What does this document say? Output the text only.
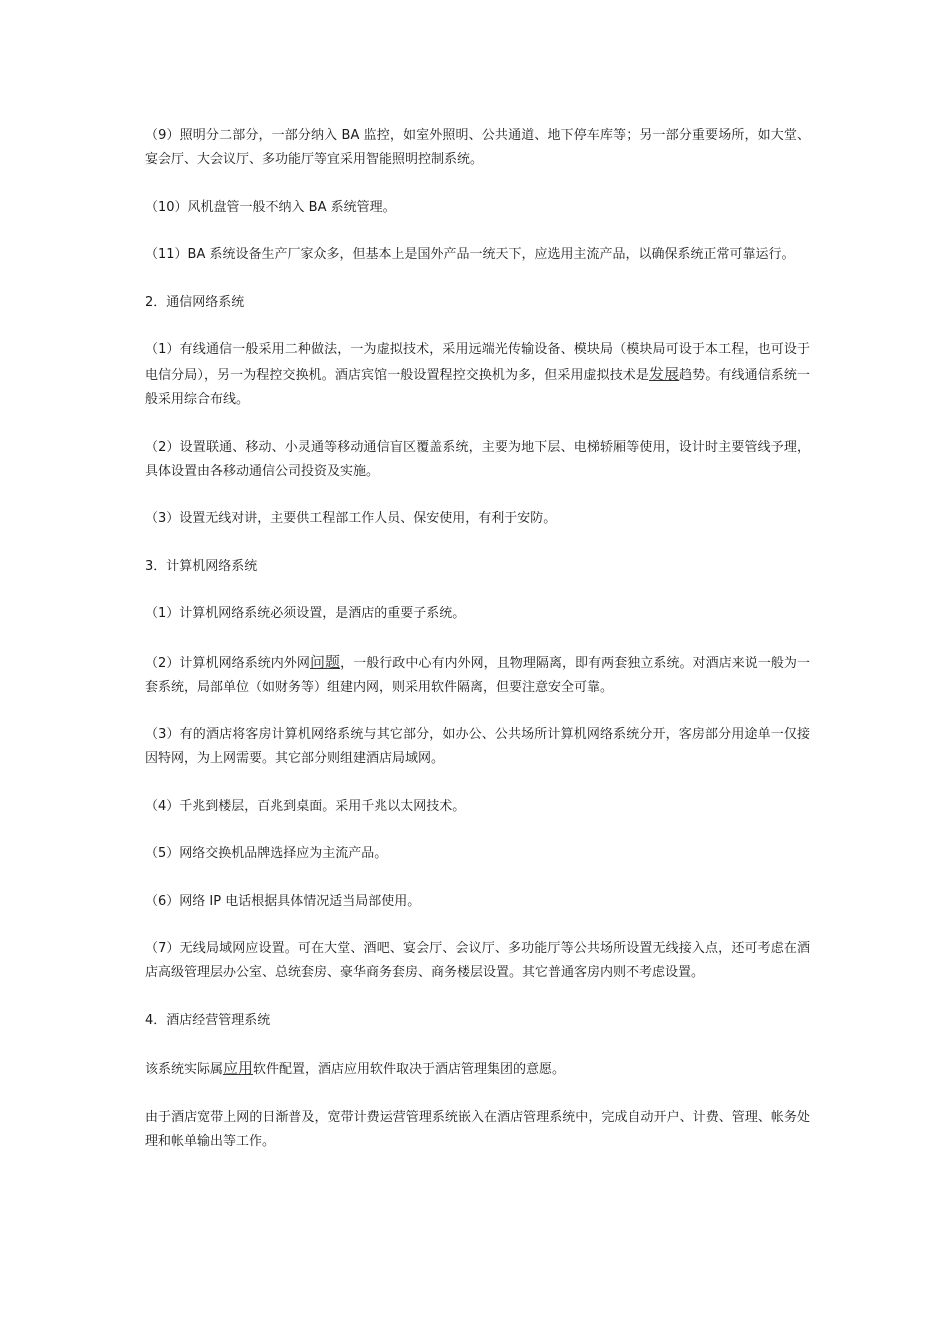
（9）照明分二部分，一部分纳入 BA 监控，如室外照明、公共通道、地下停车库等；另一部分重要场所，如大堂、宴会厅、大会议厅、多功能厅等宜采用智能照明控制系统。

（10）风机盘管一般不纳入 BA 系统管理。

（11）BA 系统设备生产厂家众多，但基本上是国外产品一统天下，应选用主流产品，以确保系统正常可靠运行。

2．通信网络系统

（1）有线通信一般采用二种做法，一为虚拟技术，采用远端光传输设备、模块局（模块局可设于本工程，也可设于电信分局），另一为程控交换机。酒店宾馆一般设置程控交换机为多，但采用虚拟技术是发展趋势。有线通信系统一般采用综合布线。

（2）设置联通、移动、小灵通等移动通信盲区覆盖系统，主要为地下层、电梯轿厢等使用，设计时主要管线予理，具体设置由各移动通信公司投资及实施。

（3）设置无线对讲，主要供工程部工作人员、保安使用，有利于安防。

3．计算机网络系统

（1）计算机网络系统必须设置，是酒店的重要子系统。

（2）计算机网络系统内外网问题，一般行政中心有内外网，且物理隔离，即有两套独立系统。对酒店来说一般为一套系统，局部单位（如财务等）组建内网，则采用软件隔离，但要注意安全可靠。

（3）有的酒店将客房计算机网络系统与其它部分，如办公、公共场所计算机网络系统分开，客房部分用途单一仅接因特网，为上网需要。其它部分则组建酒店局域网。

（4）千兆到楼层，百兆到桌面。采用千兆以太网技术。

（5）网络交换机品牌选择应为主流产品。

（6）网络 IP 电话根据具体情况适当局部使用。

（7）无线局域网应设置。可在大堂、酒吧、宴会厅、会议厅、多功能厅等公共场所设置无线接入点，还可考虑在酒店高级管理层办公室、总统套房、豪华商务套房、商务楼层设置。其它普通客房内则不考虑设置。

4．酒店经营管理系统

该系统实际属应用软件配置，酒店应用软件取决于酒店管理集团的意愿。

由于酒店宽带上网的日渐普及，宽带计费运营管理系统嵌入在酒店管理系统中，完成自动开户、计费、管理、帐务处理和帐单输出等工作。
